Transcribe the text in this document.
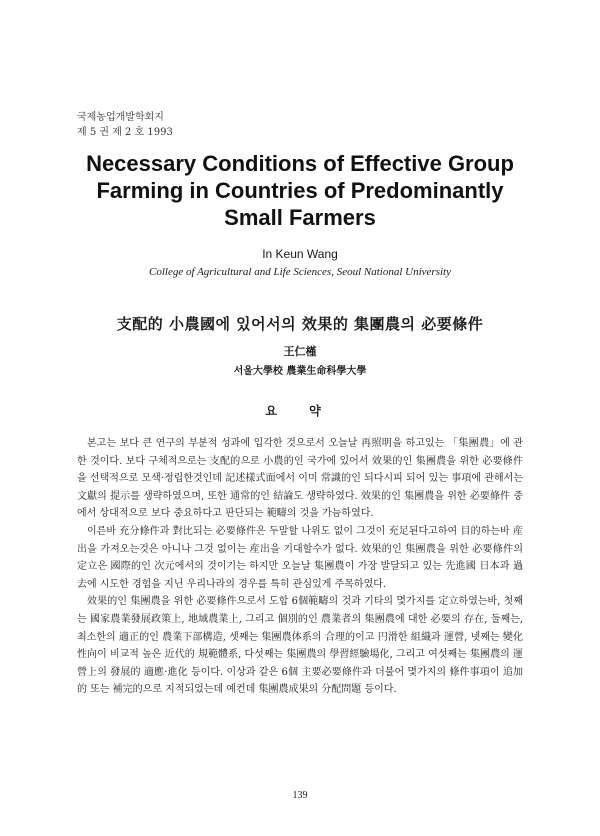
국제농업개발학회지
제 5 권 제 2 호 1993
Necessary Conditions of Effective Group
Farming in Countries of Predominantly
Small Farmers
In Keun Wang
College of Agricultural and Life Sciences, Seoul National University
支配的 小農國에 있어서의 效果的 集團農의 必要條件
王仁槿
서울大學校 農業生命科學大學
요 약

본고는 보다 큰 연구의 부분적 성과에 입각한 것으로서 오늘날 再照明을 하고있는 「集團農」에 관한 것이다. 보다 구체적으로는 支配的으로 小農的인 국가에 있어서 效果的인 集團農을 위한 必要條件을 선택적으로 모색·정립한것인데 記述樣式面에서 이미 常識的인 되다시피 되어 있는 事項에 관해서는 文獻의 提示를 생략하였으며, 또한 通常的인 結論도 생략하였다. 效果的인 集團農을 위한 必要條件 중에서 상대적으로 보다 중요하다고 판단되는 範疇의 것을 가늠하였다.

이른바 充分條件과 對比되는 必要條件은 두말할 나위도 없이 그것이 充足된다고하여 目的하는바 産出을 가져오는것은 아니나 그것 없이는 産出을 기대할수가 없다. 效果的인 集團農을 위한 必要條件의 定立은 國際的인 次元에서의 것이기는 하지만 오늘날 集團農이 가장 발달되고 있는 先進國 日本과 過去에 시도한 경험을 지닌 우리나라의 경우를 특히 관심있게 주목하였다.

效果的인 集團農을 위한 必要條件으로서 도합 6個範疇의 것과 기타의 몇가지를 定立하였는바, 첫째는 國家農業發展政策上, 地域農業上, 그리고 個別的인 農業者의 集團農에 대한 必要의 存在, 둘째는, 최소한의 適正的인 農業下部構造, 셋째는 集團農体系의 合理的이고 円滑한 組織과 運營, 넷째는 變化性向이 비교적 높은 近代的 規範體系, 다섯째는 集團農의 學習經驗場化, 그리고 여섯째는 集團農의 運營上의 發展的 適應·進化 등이다. 이상과 같은 6個 主要必要條件과 더불어 몇가지의 條件事項이 追加的 또는 補完的으로 지적되었는데 예컨데 集團農成果의 分配問題 등이다.

139
